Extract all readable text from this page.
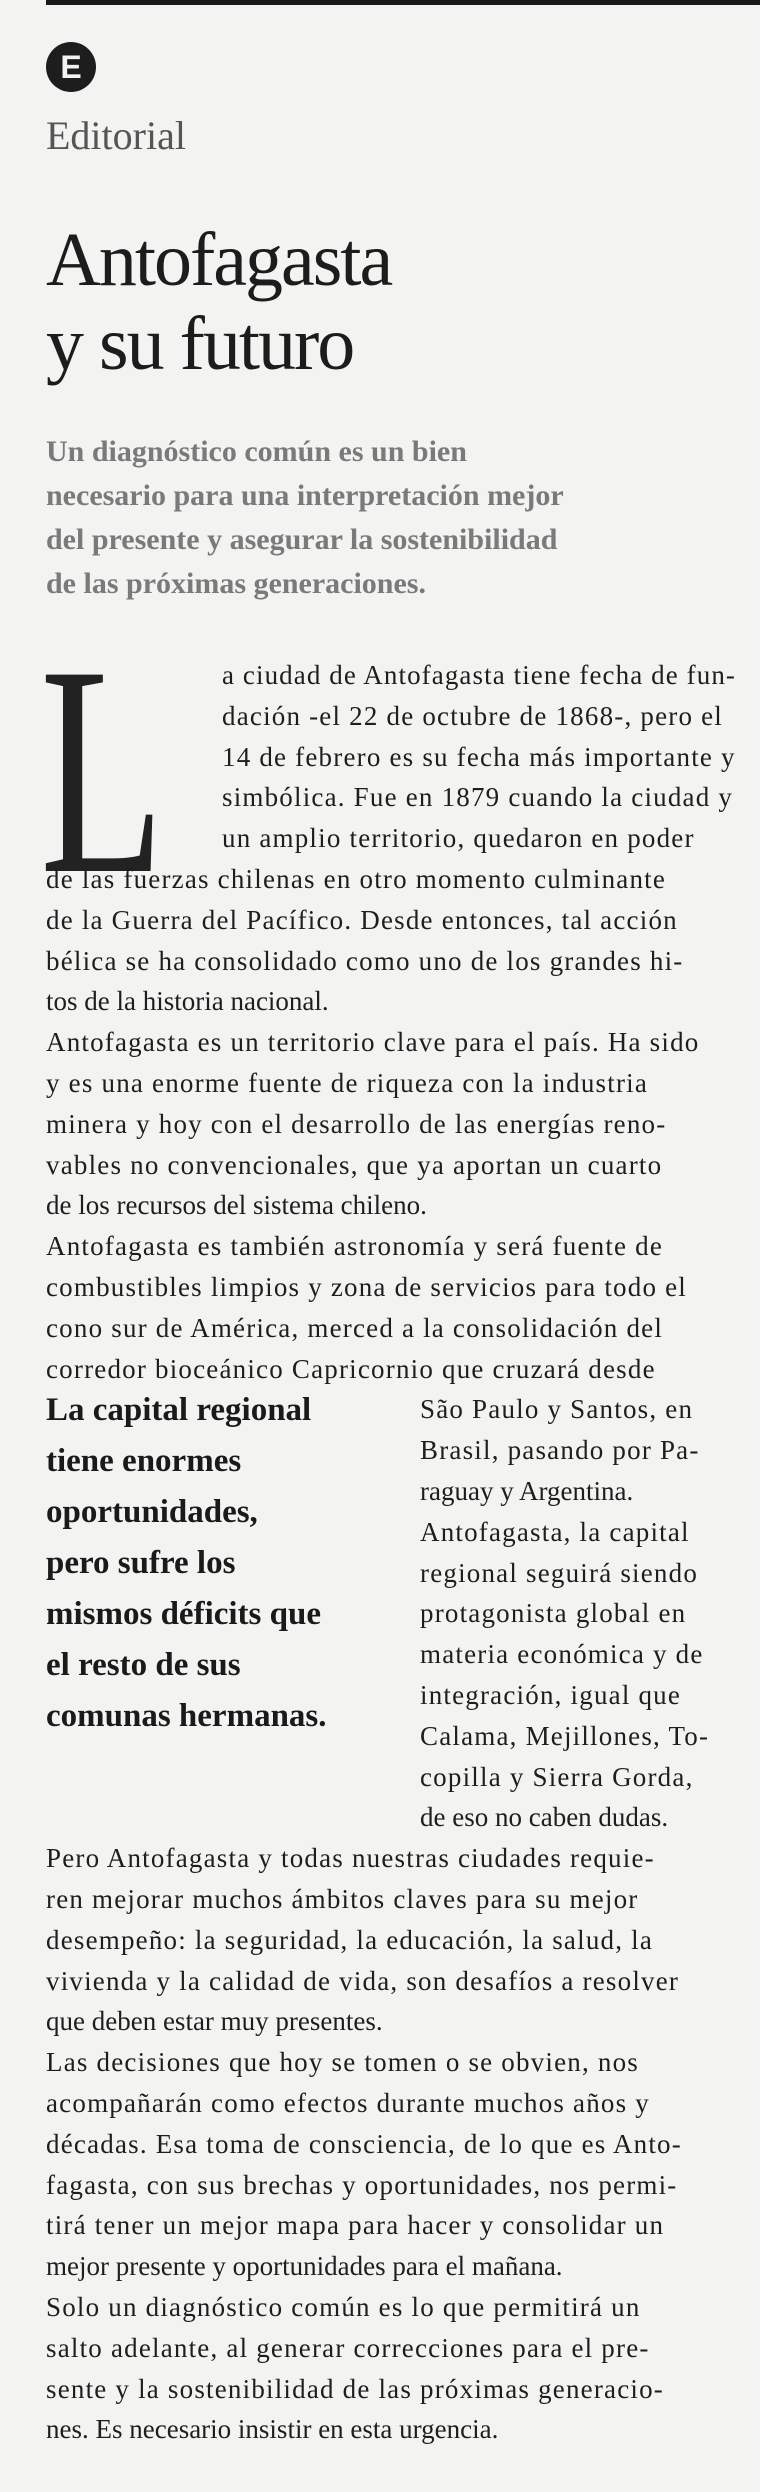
E
Editorial
Antofagasta
y su futuro
Un diagnóstico común es un bien
necesario para una interpretación mejor
del presente y asegurar la sostenibilidad
de las próximas generaciones.
L a ciudad de Antofagasta tiene fecha de fun-
dación -el 22 de octubre de 1868-, pero el
14 de febrero es su fecha más importante y
simbólica. Fue en 1879 cuando la ciudad y
un amplio territorio, quedaron en poder
de las fuerzas chilenas en otro momento culminante
de la Guerra del Pacífico. Desde entonces, tal acción
bélica se ha consolidado como uno de los grandes hi-
tos de la historia nacional.
Antofagasta es un territorio clave para el país. Ha sido
y es una enorme fuente de riqueza con la industria
minera y hoy con el desarrollo de las energías reno-
vables no convencionales, que ya aportan un cuarto
de los recursos del sistema chileno.
Antofagasta es también astronomía y será fuente de
combustibles limpios y zona de servicios para todo el
cono sur de América, merced a la consolidación del
corredor bioceánico Capricornio que cruzará desde
São Paulo y Santos, en
Brasil, pasando por Pa-
raguay y Argentina.
Antofagasta, la capital
regional seguirá siendo
protagonista global en
materia económica y de
integración, igual que
Calama, Mejillones, To-
copilla y Sierra Gorda,
de eso no caben dudas.
Pero Antofagasta y todas nuestras ciudades requie-
ren mejorar muchos ámbitos claves para su mejor
desempeño: la seguridad, la educación, la salud, la
vivienda y la calidad de vida, son desafíos a resolver
que deben estar muy presentes.
Las decisiones que hoy se tomen o se obvien, nos
acompañarán como efectos durante muchos años y
décadas. Esa toma de consciencia, de lo que es Anto-
fagasta, con sus brechas y oportunidades, nos permi-
tirá tener un mejor mapa para hacer y consolidar un
mejor presente y oportunidades para el mañana.
Solo un diagnóstico común es lo que permitirá un
salto adelante, al generar correcciones para el pre-
sente y la sostenibilidad de las próximas generacio-
nes. Es necesario insistir en esta urgencia.
La capital regional
tiene enormes
oportunidades,
pero sufre los
mismos déficits que
el resto de sus
comunas hermanas.
